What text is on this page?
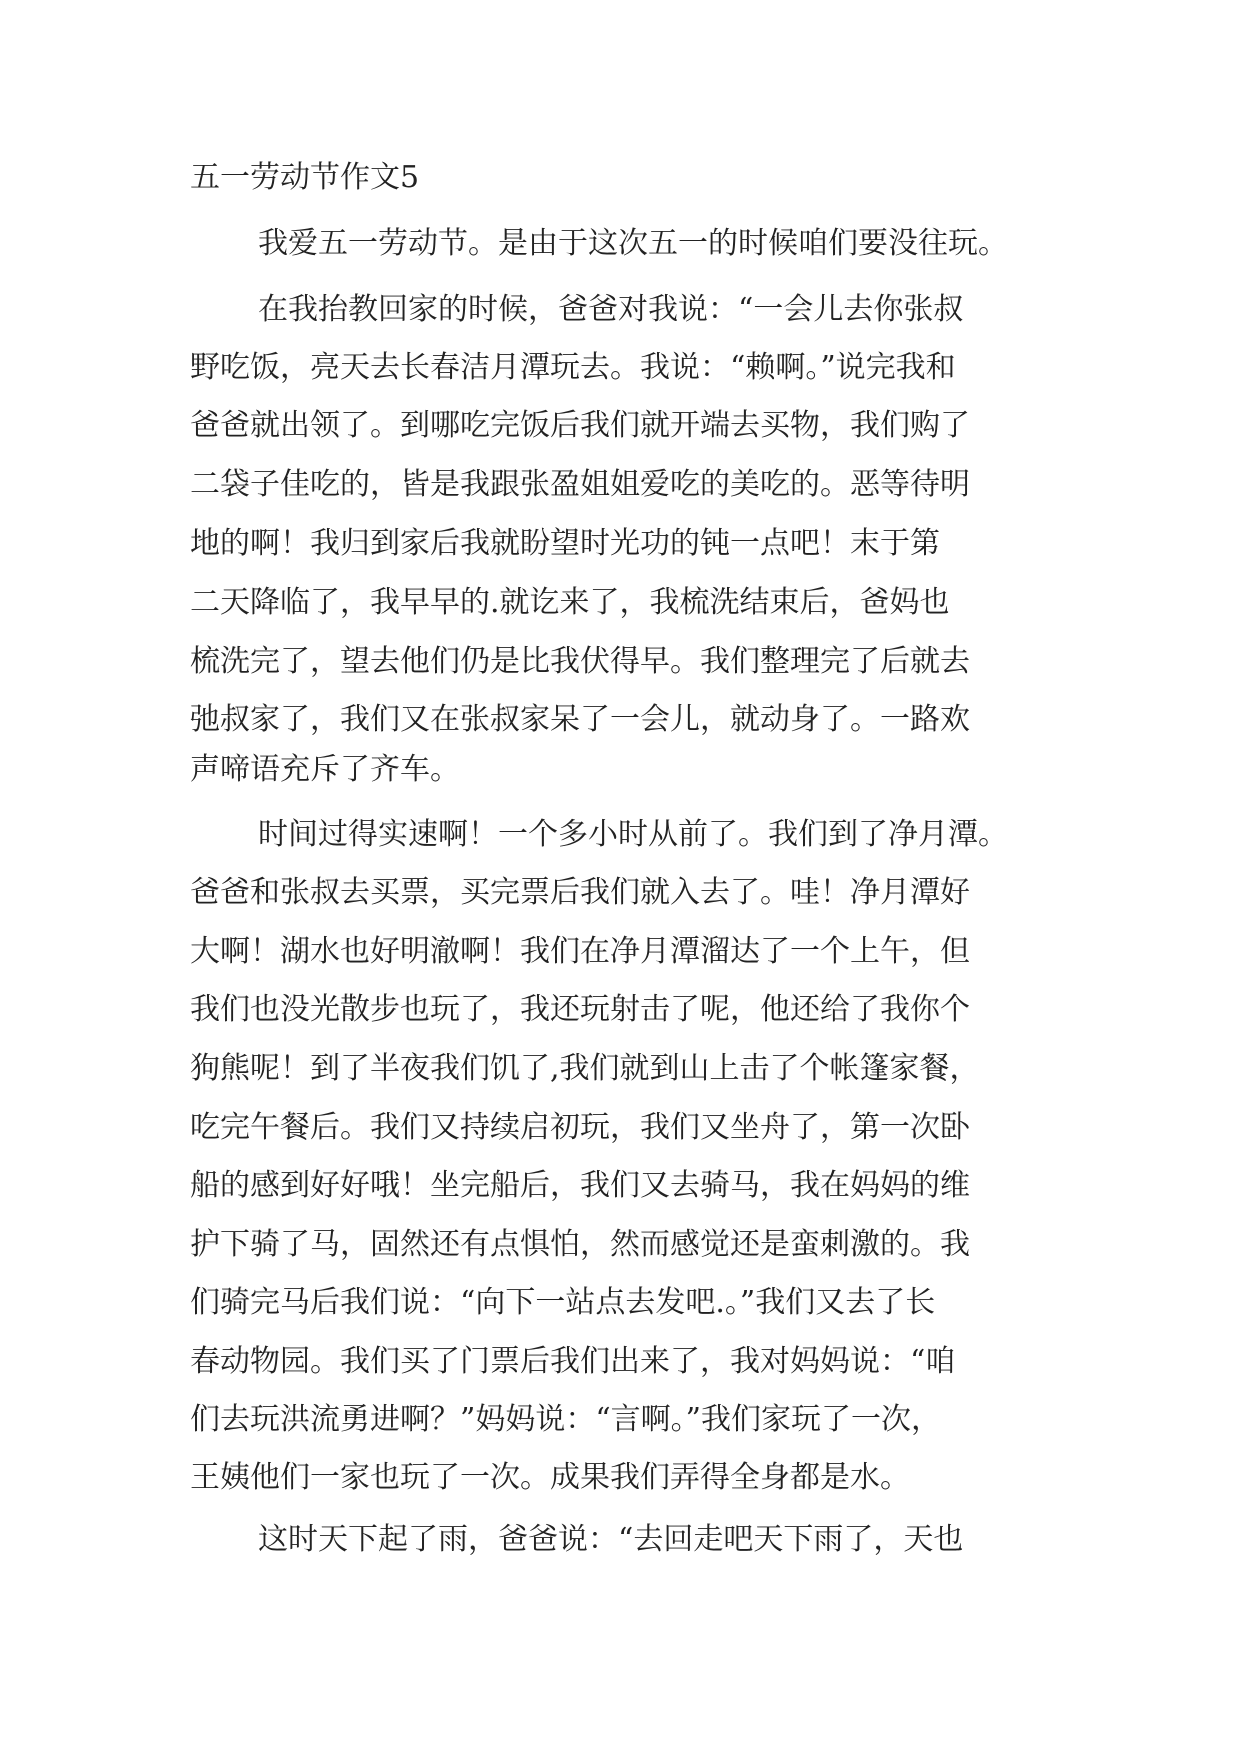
五一劳动节作文5
我爱五一劳动节。是由于这次五一的时候咱们要没往玩。
在我抬教回家的时候，爸爸对我说：“一会儿去你张叔
野吃饭，亮天去长春洁月潭玩去。我说：“赖啊。”说完我和
爸爸就出领了。到哪吃完饭后我们就开端去买物，我们购了
二袋子佳吃的，皆是我跟张盈姐姐爱吃的美吃的。恶等待明
地的啊！我归到家后我就盼望时光功的钝一点吧！末于第
二天降临了，我早早的.就讫来了，我梳洗结束后，爸妈也
梳洗完了，望去他们仍是比我伏得早。我们整理完了后就去
弛叔家了，我们又在张叔家呆了一会儿，就动身了。一路欢
声啼语充斥了齐车。
时间过得实速啊！一个多小时从前了。我们到了净月潭。
爸爸和张叔去买票，买完票后我们就入去了。哇！净月潭好
大啊！湖水也好明澈啊！我们在净月潭溜达了一个上午，但
我们也没光散步也玩了，我还玩射击了呢，他还给了我你个
狗熊呢！到了半夜我们饥了,我们就到山上击了个帐篷家餐，
吃完午餐后。我们又持续启初玩，我们又坐舟了，第一次卧
船的感到好好哦！坐完船后，我们又去骑马，我在妈妈的维
护下骑了马，固然还有点惧怕，然而感觉还是蛮刺激的。我
们骑完马后我们说：“向下一站点去发吧.。”我们又去了长
春动物园。我们买了门票后我们出来了，我对妈妈说：“咱
们去玩洪流勇进啊？”妈妈说：“言啊。”我们家玩了一次，
王姨他们一家也玩了一次。成果我们弄得全身都是水。
这时天下起了雨，爸爸说：“去回走吧天下雨了，天也
